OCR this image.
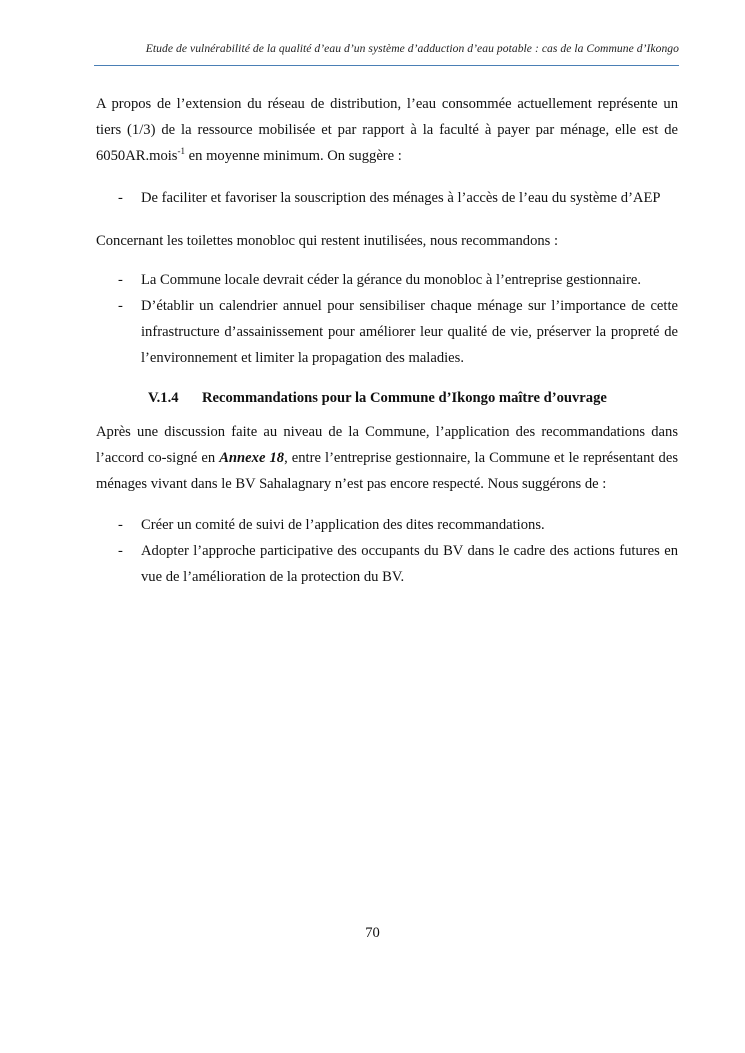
Etude de vulnérabilité de la qualité d’eau d’un système d’adduction d’eau potable : cas de la Commune d’Ikongo

A propos de l’extension du réseau de distribution, l’eau consommée actuellement représente un tiers (1/3) de la ressource mobilisée et par rapport à la faculté à payer par ménage, elle est de 6050AR.mois$^{-1}$ en moyenne minimum. On suggère :

- De faciliter et favoriser la souscription des ménages à l’accès de l’eau du système d’AEP

Concernant les toilettes monobloc qui restent inutilisées, nous recommandons :

- La Commune locale devrait céder la gérance du monobloc à l’entreprise gestionnaire.
- D’établir un calendrier annuel pour sensibiliser chaque ménage sur l’importance de cette infrastructure d’assainissement pour améliorer leur qualité de vie, préserver la propreté de l’environnement et limiter la propagation des maladies.
V.1.4 Recommandations pour la Commune d’Ikongo maître d’ouvrage

Après une discussion faite au niveau de la Commune, l’application des recommandations dans l’accord co-signé en Annexe 18, entre l’entreprise gestionnaire, la Commune et le représentant des ménages vivant dans le BV Sahalagnary n’est pas encore respecté. Nous suggérons de :

- Créer un comité de suivi de l’application des dites recommandations.
- Adopter l’approche participative des occupants du BV dans le cadre des actions futures en vue de l’amélioration de la protection du BV.
70
